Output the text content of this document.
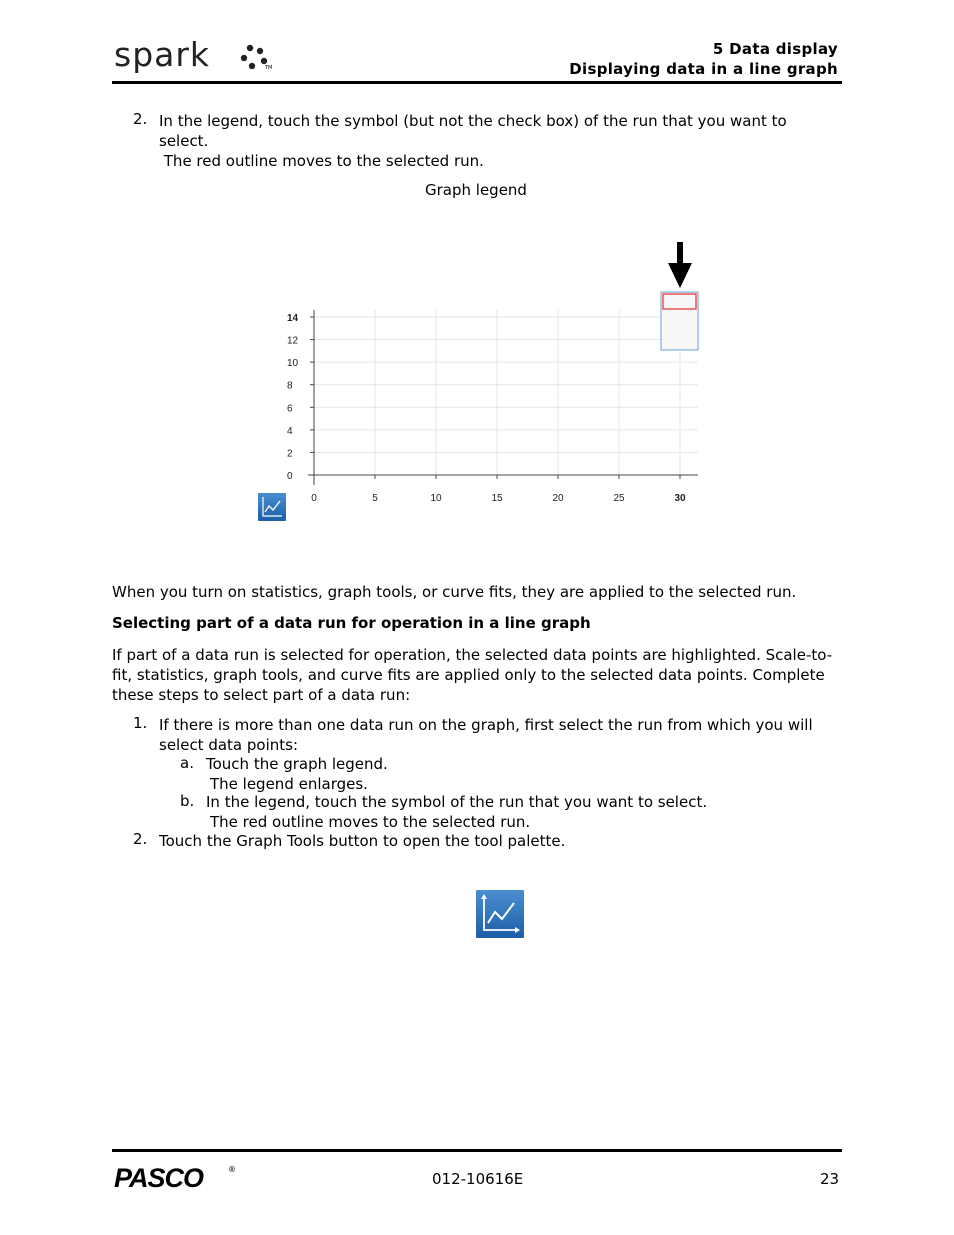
spark	TM
5 Data display
Displaying data in a line graph
2. In the legend, touch the symbol (but not the check box) of the run that you want to
select.
The red outline moves to the selected run.
Graph legend
0
2
4
6
8
10
12
14
0	5	10	15	20	25	30
When you turn on statistics, graph tools, or curve fits, they are applied to the selected run.
Selecting part of a data run for operation in a line graph
If part of a data run is selected for operation, the selected data points are highlighted. Scale-to-
fit, statistics, graph tools, and curve fits are applied only to the selected data points. Complete
these steps to select part of a data run:
1. If there is more than one data run on the graph, first select the run from which you will
select data points:
a. Touch the graph legend.
The legend enlarges.
b. In the legend, touch the symbol of the run that you want to select.
The red outline moves to the selected run.
2. Touch the Graph Tools button to open the tool palette.
PASCO	®
012-10616E	23
